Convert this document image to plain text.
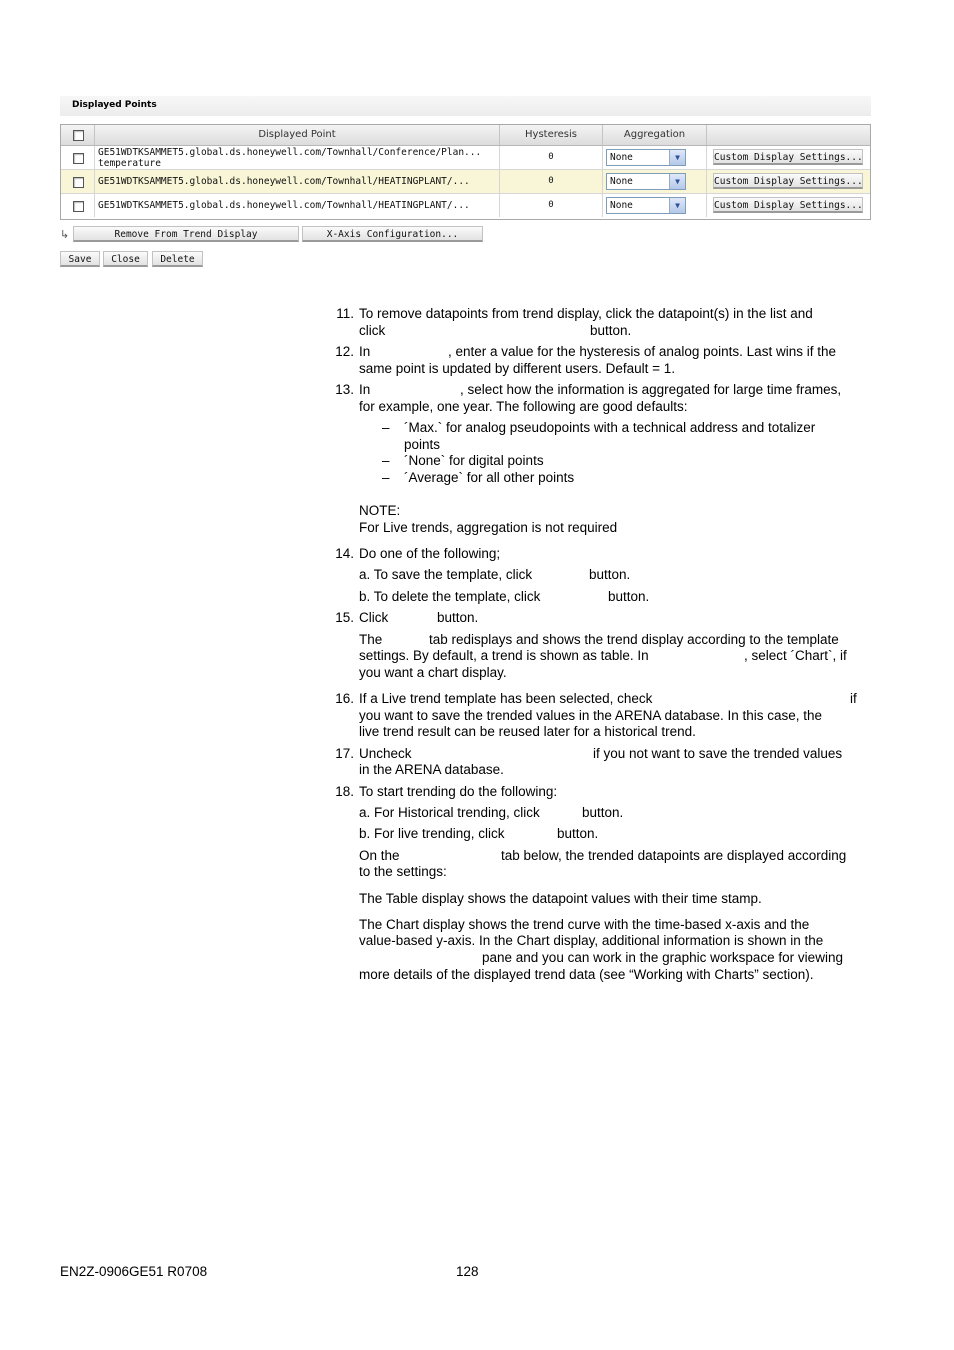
Displayed Points
Displayed Point	Hysteresis	Aggregation
GE51WDTKSAMMET5.global.ds.honeywell.com/Townhall/Conference/Plan...
temperature
0	None	▼	Custom Display Settings...
GE51WDTKSAMMET5.global.ds.honeywell.com/Townhall/HEATINGPLANT/...	0	None	▼	Custom Display Settings...
GE51WDTKSAMMET5.global.ds.honeywell.com/Townhall/HEATINGPLANT/...	0	None	▼	Custom Display Settings...
↳	Remove From Trend Display	X-Axis Configuration...
Save	Close	Delete
11. To remove datapoints from trend display, click the datapoint(s) in the list and
click	button.
12. In	, enter a value for the hysteresis of analog points. Last wins if the
same point is updated by different users. Default = 1.
13. In	, select how the information is aggregated for large time frames,
for example, one year. The following are good defaults:
– ´Max.` for analog pseudopoints with a technical address and totalizer
points
– ´None` for digital points
– ´Average` for all other points
NOTE:
For Live trends, aggregation is not required
14. Do one of the following;
a. To save the template, click	button.
b. To delete the template, click	button.
15. Click	button.
The	tab redisplays and shows the trend display according to the template
settings. By default, a trend is shown as table. In	, select ´Chart`, if
you want a chart display.
16. If a Live trend template has been selected, check	if
you want to save the trended values in the ARENA database. In this case, the
live trend result can be reused later for a historical trend.
17. Uncheck	if you not want to save the trended values
in the ARENA database.
18. To start trending do the following:
a. For Historical trending, click	button.
b. For live trending, click	button.
On the	tab below, the trended datapoints are displayed according
to the settings:
The Table display shows the datapoint values with their time stamp.
The Chart display shows the trend curve with the time-based x-axis and the
value-based y-axis. In the Chart display, additional information is shown in the
pane and you can work in the graphic workspace for viewing
more details of the displayed trend data (see “Working with Charts” section).
EN2Z-0906GE51 R0708	128
